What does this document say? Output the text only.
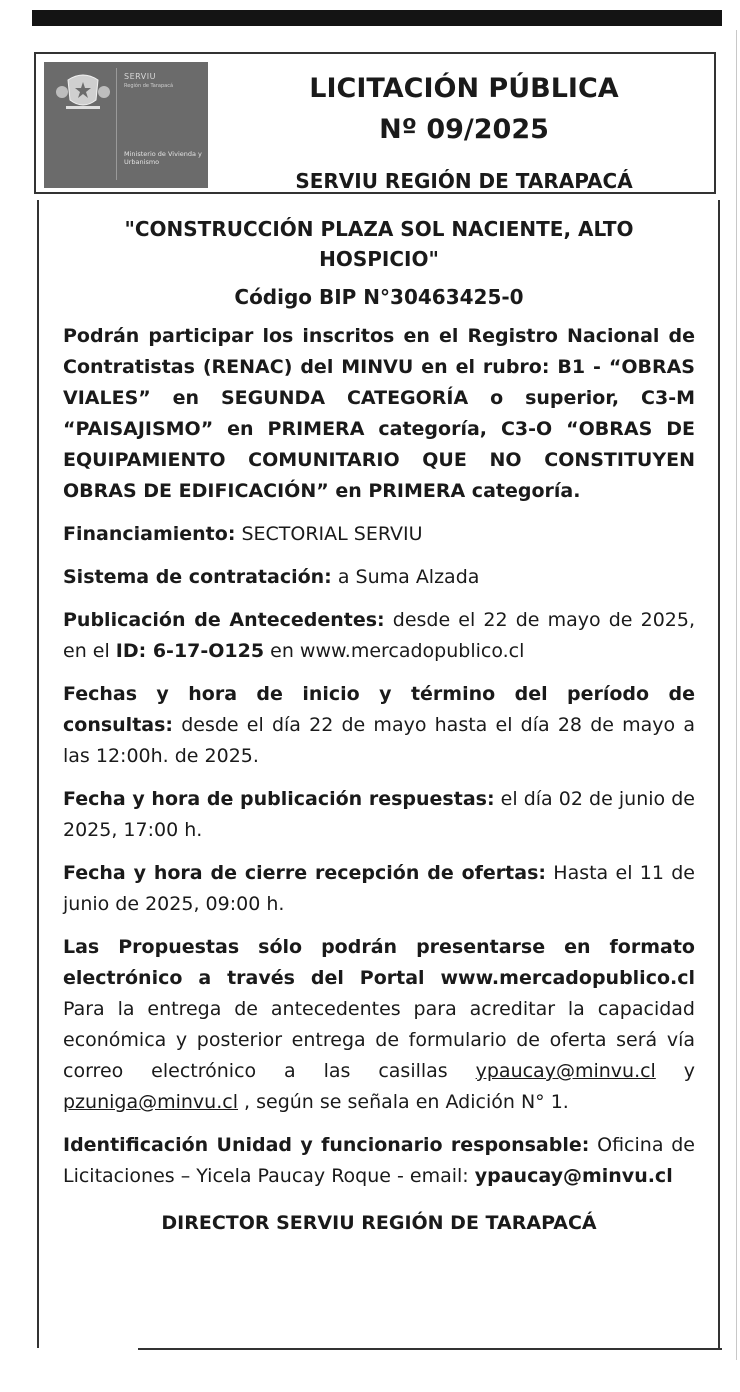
SERVIU
Región de Tarapacá
Ministerio de Vivienda y Urbanismo
LICITACIÓN PÚBLICA
Nº 09/2025
SERVIU REGIÓN DE TARAPACÁ

"CONSTRUCCIÓN PLAZA SOL NACIENTE, ALTO HOSPICIO"

Código BIP N°30463425-0

Podrán participar los inscritos en el Registro Nacional de Contratistas (RENAC) del MINVU en el rubro: B1 - “OBRAS VIALES” en SEGUNDA CATEGORÍA o superior, C3-M “PAISAJISMO” en PRIMERA categoría, C3-O “OBRAS DE EQUIPAMIENTO COMUNITARIO QUE NO CONSTITUYEN OBRAS DE EDIFICACIÓN” en PRIMERA categoría.

Financiamiento: SECTORIAL SERVIU

Sistema de contratación: a Suma Alzada

Publicación de Antecedentes: desde el 22 de mayo de 2025, en el ID: 6-17-O125 en www.mercadopublico.cl

Fechas y hora de inicio y término del período de consultas: desde el día 22 de mayo hasta el día 28 de mayo a las 12:00h. de 2025.

Fecha y hora de publicación respuestas: el día 02 de junio de 2025, 17:00 h.

Fecha y hora de cierre recepción de ofertas: Hasta el 11 de junio de 2025, 09:00 h.

Las Propuestas sólo podrán presentarse en formato electrónico a través del Portal www.mercadopublico.cl Para la entrega de antecedentes para acreditar la capacidad económica y posterior entrega de formulario de oferta será vía correo electrónico a las casillas ypaucay@minvu.cl y pzuniga@minvu.cl , según se señala en Adición N° 1.

Identificación Unidad y funcionario responsable: Oficina de Licitaciones – Yicela Paucay Roque - email: ypaucay@minvu.cl

DIRECTOR SERVIU REGIÓN DE TARAPACÁ
